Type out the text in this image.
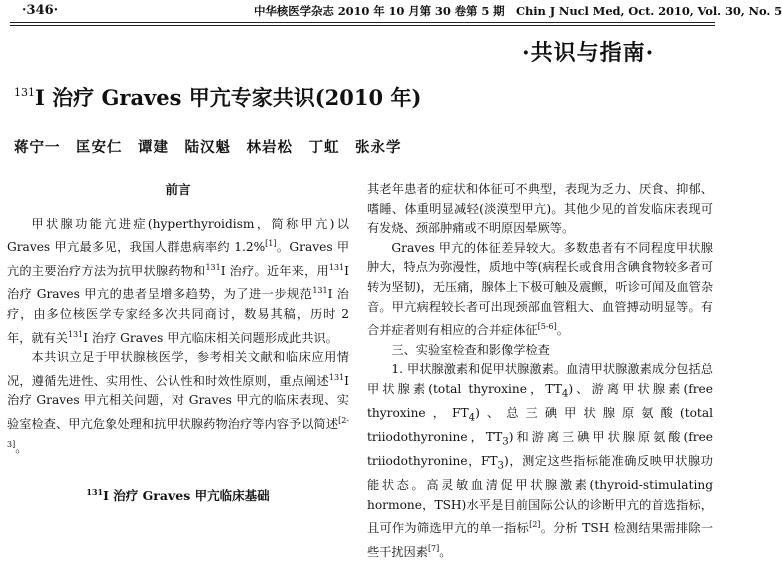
·346·	中华核医学杂志 2010 年 10 月第 30 卷第 5 期　Chin J Nucl Med, Oct. 2010, Vol. 30, No. 5
·共识与指南·
$^{131}$I 治疗 Graves 甲亢专家共识(2010 年)
蒋宁一　匡安仁　谭建　陆汉魁　林岩松　丁虹　张永学
前言

甲状腺功能亢进症(hyperthyroidism，简称甲亢)以 Graves 甲亢最多见，我国人群患病率约 1.2%[1]。Graves 甲亢的主要治疗方法为抗甲状腺药物和$^{131}$I 治疗。近年来，用$^{131}$I 治疗 Graves 甲亢的患者呈增多趋势，为了进一步规范$^{131}$I 治疗，由多位核医学专家经多次共同商讨，数易其稿，历时 2 年，就有关$^{131}$I 治疗 Graves 甲亢临床相关问题形成此共识。

本共识立足于甲状腺核医学，参考相关文献和临床应用情况，遵循先进性、实用性、公认性和时效性原则，重点阐述$^{131}$I 治疗 Graves 甲亢相关问题，对 Graves 甲亢的临床表现、实验室检查、甲亢危象处理和抗甲状腺药物治疗等内容予以简述[2-3]。

$^{131}$I 治疗 Graves 甲亢临床基础

其老年患者的症状和体征可不典型，表现为乏力、厌食、抑郁、嗜睡、体重明显减轻(淡漠型甲亢)。其他少见的首发临床表现可有发烧、颈部肿痛或不明原因晕厥等。

Graves 甲亢的体征差异较大。多数患者有不同程度甲状腺肿大，特点为弥漫性，质地中等(病程长或食用含碘食物较多者可转为坚韧)，无压痛，腺体上下极可触及震颤，听诊可闻及血管杂音。甲亢病程较长者可出现颈部血管粗大、血管搏动明显等。有合并症者则有相应的合并症体征[5-6]。

三、实验室检查和影像学检查

1. 甲状腺激素和促甲状腺激素。血清甲状腺激素成分包括总甲状腺素(total thyroxine，$TT_4$)、游离甲状腺素(free thyroxine，$FT_4$)、总三碘甲状腺原氨酸(total triiodothyronine，$TT_3$)和游离三碘甲状腺原氨酸(free triiodothyronine，$FT_3$)，测定这些指标能准确反映甲状腺功能状态。高灵敏血清促甲状腺激素(thyroid-stimulating hormone，TSH)水平是目前国际公认的诊断甲亢的首选指标，且可作为筛选甲亢的单一指标[2]。分析 TSH 检测结果需排除一些干扰因素[7]。
